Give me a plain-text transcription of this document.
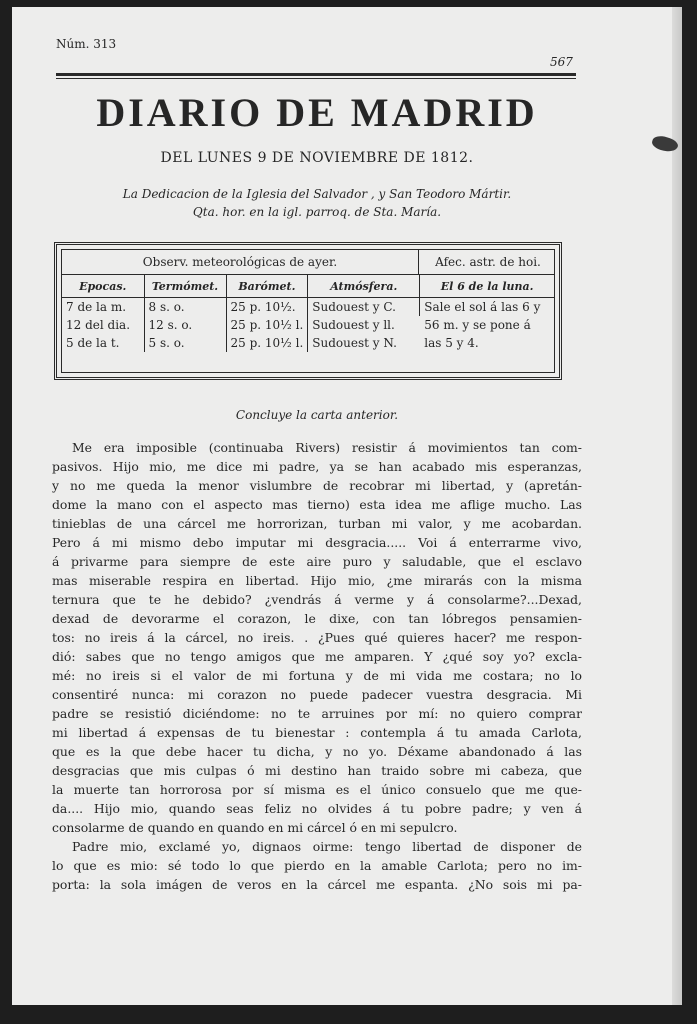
Núm. 313
567
DIARIO DE MADRID
DEL LUNES 9 DE NOVIEMBRE DE 1812.
La Dedicacion de la Iglesia del Salvador , y San Teodoro Mártir.
Qta. hor. en la igl. parroq. de Sta. María.
Observ. meteorológicas de ayer.	Afec. astr. de hoi.
Epocas.	Termómet.	Barómet.	Atmósfera.	El 6 de la luna.
7 de la m.	8 s. o.	25 p. 10½.	Sudouest y C.	Sale el sol á las 6 y 56 m. y se pone á las 5 y 4.
12 del dia.	12 s. o.	25 p. 10½ l.	Sudouest y ll.	
5 de la t.	5 s. o.	25 p. 10½ l.	Sudouest y N.	
Concluye la carta anterior.
Me era imposible (continuaba Rivers) resistir á movimientos tan com-
pasivos. Hijo mio, me dice mi padre, ya se han acabado mis esperanzas,
y no me queda la menor vislumbre de recobrar mi libertad, y (apretán-
dome la mano con el aspecto mas tierno) esta idea me aflige mucho. Las
tinieblas de una cárcel me horrorizan, turban mi valor, y me acobardan.
Pero á mi mismo debo imputar mi desgracia..... Voi á enterrarme vivo,
á privarme para siempre de este aire puro y saludable, que el esclavo
mas miserable respira en libertad. Hijo mio, ¿me mirarás con la misma
ternura que te he debido? ¿vendrás á verme y á consolarme?...Dexad,
dexad de devorarme el corazon, le dixe, con tan lóbregos pensamien-
tos: no ireis á la cárcel, no ireis. . ¿Pues qué quieres hacer? me respon-
dió: sabes que no tengo amigos que me amparen. Y ¿qué soy yo? excla-
mé: no ireis si el valor de mi fortuna y de mi vida me costara; no lo
consentiré nunca: mi corazon no puede padecer vuestra desgracia. Mi
padre se resistió diciéndome: no te arruines por mí: no quiero comprar
mi libertad á expensas de tu bienestar : contempla á tu amada Carlota,
que es la que debe hacer tu dicha, y no yo. Déxame abandonado á las
desgracias que mis culpas ó mi destino han traido sobre mi cabeza, que
la muerte tan horrorosa por sí misma es el único consuelo que me que-
da.... Hijo mio, quando seas feliz no olvides á tu pobre padre; y ven á
consolarme de quando en quando en mi cárcel ó en mi sepulcro.
Padre mio, exclamé yo, dignaos oirme: tengo libertad de disponer de
lo que es mio: sé todo lo que pierdo en la amable Carlota; pero no im-
porta: la sola imágen de veros en la cárcel me espanta. ¿No sois mi pa-
